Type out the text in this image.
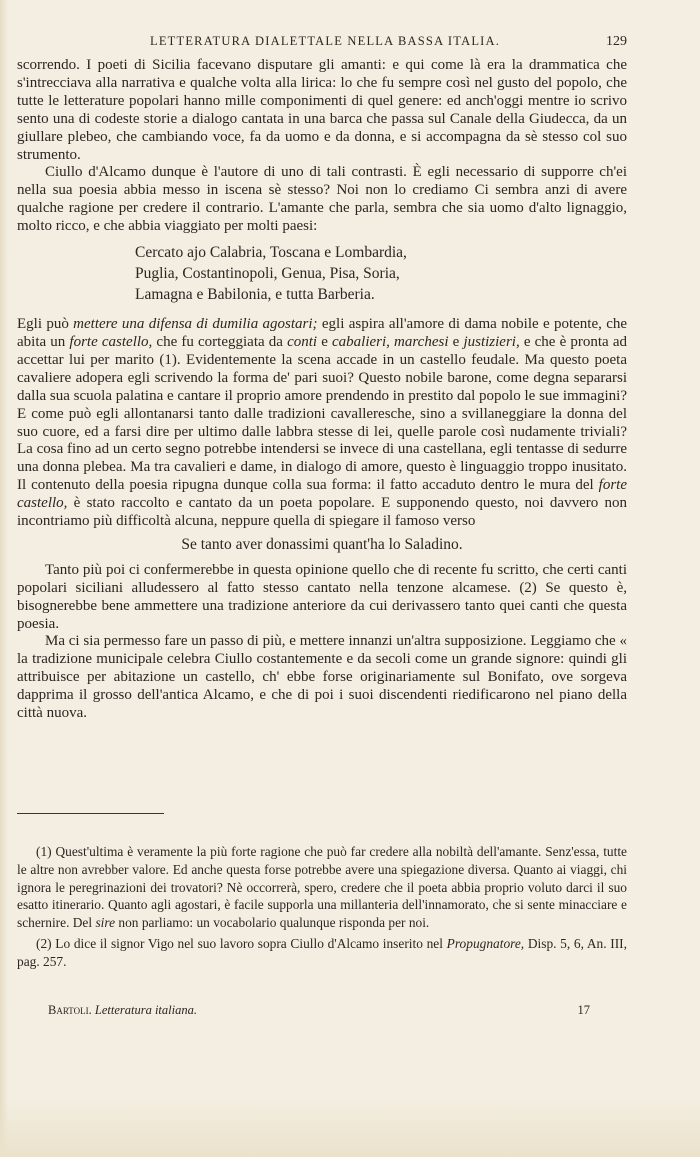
LETTERATURA DIALETTALE NELLA BASSA ITALIA.	129

scorrendo. I poeti di Sicilia facevano disputare gli amanti: e qui come là era la drammatica che s'intrecciava alla narrativa e qualche volta alla lirica: lo che fu sempre così nel gusto del popolo, che tutte le letterature popolari hanno mille componimenti di quel genere: ed anch'oggi mentre io scrivo sento una di codeste storie a dialogo cantata in una barca che passa sul Canale della Giudecca, da un giullare plebeo, che cambiando voce, fa da uomo e da donna, e si accompagna da sè stesso col suo strumento.

Ciullo d'Alcamo dunque è l'autore di uno di tali contrasti. È egli necessario di supporre ch'ei nella sua poesia abbia messo in iscena sè stesso? Noi non lo crediamo Ci sembra anzi di avere qualche ragione per credere il contrario. L'amante che parla, sembra che sia uomo d'alto lignaggio, molto ricco, e che abbia viaggiato per molti paesi:

Cercato ajo Calabria, Toscana e Lombardia,
Puglia, Costantinopoli, Genua, Pisa, Soria,
Lamagna e Babilonia, e tutta Barberia.

Egli può mettere una difensa di dumilia agostari; egli aspira all'amore di dama nobile e potente, che abita un forte castello, che fu corteggiata da conti e cabalieri, marchesi e justizieri, e che è pronta ad accettar lui per marito (1). Evidentemente la scena accade in un castello feudale. Ma questo poeta cavaliere adopera egli scrivendo la forma de' pari suoi? Questo nobile barone, come degna separarsi dalla sua scuola palatina e cantare il proprio amore prendendo in prestito dal popolo le sue immagini? E come può egli allontanarsi tanto dalle tradizioni cavalleresche, sino a svillaneggiare la donna del suo cuore, ed a farsi dire per ultimo dalle labbra stesse di lei, quelle parole così nudamente triviali? La cosa fino ad un certo segno potrebbe intendersi se invece di una castellana, egli tentasse di sedurre una donna plebea. Ma tra cavalieri e dame, in dialogo di amore, questo è linguaggio troppo inusitato. Il contenuto della poesia ripugna dunque colla sua forma: il fatto accaduto dentro le mura del forte castello, è stato raccolto e cantato da un poeta popolare. E supponendo questo, noi davvero non incontriamo più difficoltà alcuna, neppure quella di spiegare il famoso verso

Se tanto aver donassimi quant'ha lo Saladino.

Tanto più poi ci confermerebbe in questa opinione quello che di recente fu scritto, che certi canti popolari siciliani alludessero al fatto stesso cantato nella tenzone alcamese. (2) Se questo è, bisognerebbe bene ammettere una tradizione anteriore da cui derivassero tanto quei canti che questa poesia.

Ma ci sia permesso fare un passo di più, e mettere innanzi un'altra supposizione. Leggiamo che « la tradizione municipale celebra Ciullo costantemente e da secoli come un grande signore: quindi gli attribuisce per abitazione un castello, ch' ebbe forse originariamente sul Bonifato, ove sorgeva dapprima il grosso dell'antica Alcamo, e che di poi i suoi discendenti riedificarono nel piano della città nuova.

(1) Quest'ultima è veramente la più forte ragione che può far credere alla nobiltà dell'amante. Senz'essa, tutte le altre non avrebber valore. Ed anche questa forse potrebbe avere una spiegazione diversa. Quanto ai viaggi, chi ignora le peregrinazioni dei trovatori? Nè occorrerà, spero, credere che il poeta abbia proprio voluto darci il suo esatto itinerario. Quanto agli agostari, è facile supporla una millanteria dell'innamorato, che si sente minacciare e schernire. Del sire non parliamo: un vocabolario qualunque risponda per noi.

(2) Lo dice il signor Vigo nel suo lavoro sopra Ciullo d'Alcamo inserito nel Propugnatore, Disp. 5, 6, An. III, pag. 257.

Bartoli. Letteratura italiana.	17
